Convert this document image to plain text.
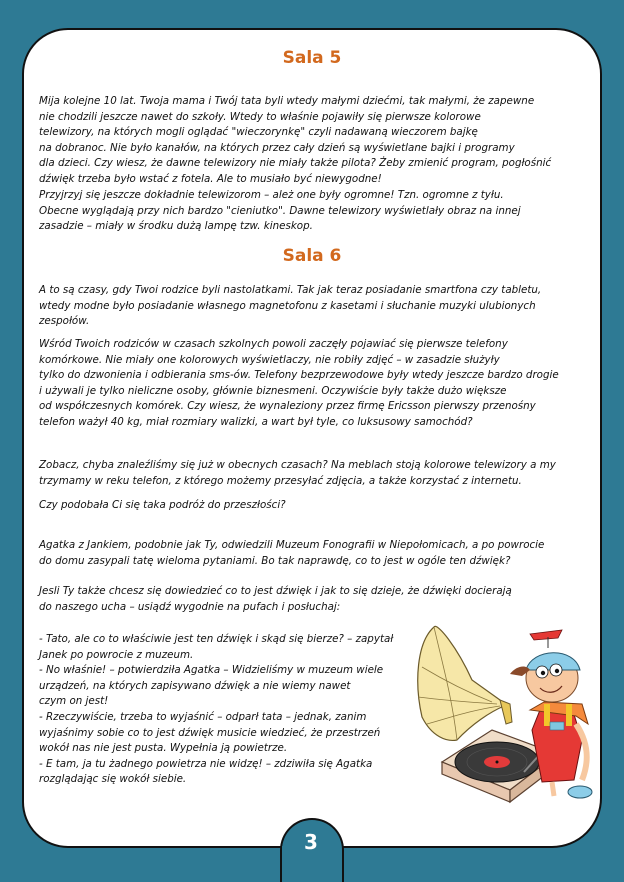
Sala 5

Mija kolejne 10 lat. Twoja mama i Twój tata byli wtedy małymi dziećmi, tak małymi, że zapewne
nie chodzili jeszcze nawet do szkoły. Wtedy to właśnie pojawiły się pierwsze kolorowe
telewizory, na których mogli oglądać "wieczorynkę" czyli nadawaną wieczorem bajkę
na dobranoc. Nie było kanałów, na których przez cały dzień są wyświetlane bajki i programy
dla dzieci. Czy wiesz, że dawne telewizory nie miały także pilota? Żeby zmienić program, pogłośnić
dźwięk trzeba było wstać z fotela. Ale to musiało być niewygodne!

Przyjrzyj się jeszcze dokładnie telewizorom – ależ one były ogromne! Tzn. ogromne z tyłu.
Obecne wyglądają przy nich bardzo "cieniutko". Dawne telewizory wyświetlały obraz na innej
zasadzie – miały w środku dużą lampę tzw. kineskop.

Sala 6

A to są czasy, gdy Twoi rodzice byli nastolatkami. Tak jak teraz posiadanie smartfona czy tabletu,
wtedy modne było posiadanie własnego magnetofonu z kasetami i słuchanie muzyki ulubionych
zespołów.

Wśród Twoich rodziców w czasach szkolnych powoli zaczęły pojawiać się pierwsze telefony
komórkowe. Nie miały one kolorowych wyświetlaczy, nie robiły zdjęć – w zasadzie służyły
tylko do dzwonienia i odbierania sms-ów. Telefony bezprzewodowe były wtedy jeszcze bardzo drogie
i używali je tylko nieliczne osoby, głównie biznesmeni. Oczywiście były także dużo większe
od współczesnych komórek. Czy wiesz, że wynaleziony przez firmę Ericsson pierwszy przenośny
telefon ważył 40 kg, miał rozmiary walizki, a wart był tyle, co luksusowy samochód?

Zobacz, chyba znaleźliśmy się już w obecnych czasach? Na meblach stoją kolorowe telewizory a my
trzymamy w reku telefon, z którego możemy przesyłać zdjęcia, a także korzystać z internetu.

Czy podobała Ci się taka podróż do przeszłości?

Agatka z Jankiem, podobnie jak Ty, odwiedzili Muzeum Fonografii w Niepołomicach, a po powrocie
do domu zasypali tatę wieloma pytaniami. Bo tak naprawdę, co to jest w ogóle ten dźwięk?

Jesli Ty także chcesz się dowiedzieć co to jest dźwięk i jak to się dzieje, że dźwięki docierają
do naszego ucha – usiądź wygodnie na pufach i posłuchaj:

- Tato, ale co to właściwie jest ten dźwięk i skąd się bierze? – zapytał
Janek po powrocie z muzeum.
- No właśnie! – potwierdziła Agatka – Widzieliśmy w muzeum wiele
urządzeń, na których zapisywano dźwięk a nie wiemy nawet
czym on jest!
- Rzeczywiście, trzeba to wyjaśnić – odparł tata – jednak, zanim
wyjaśnimy sobie co to jest dźwięk musicie wiedzieć, że przestrzeń
wokół nas nie jest pusta. Wypełnia ją powietrze.
- E tam, ja tu żadnego powietrza nie widzę! – zdziwiła się Agatka
rozglądając się wokół siebie.

3
